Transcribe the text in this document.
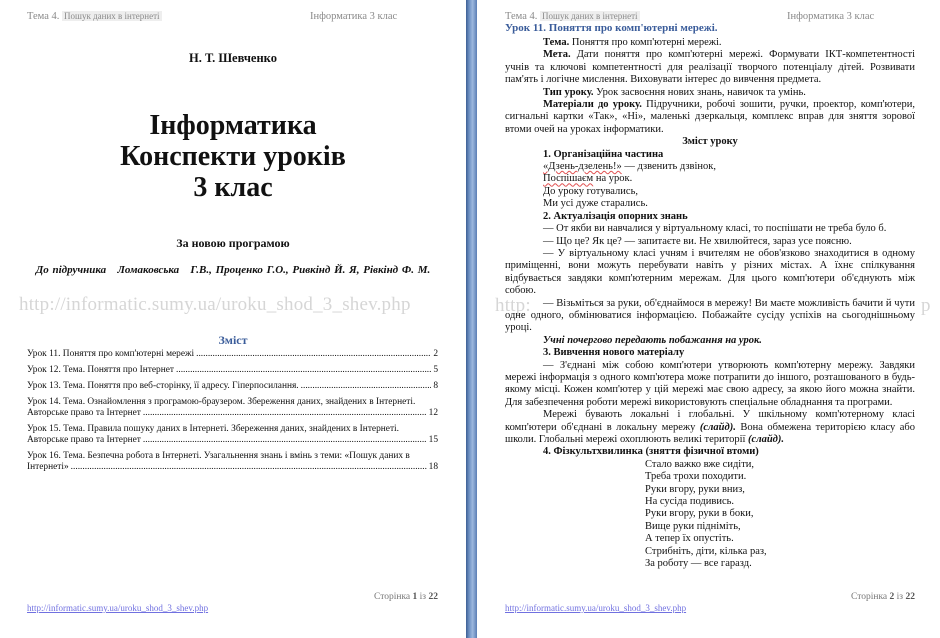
Тема 4. Пошук даних в інтернеті	Інформатика 3 клас
Н. Т. Шевченко
Інформатика
Конспекти уроків
3 клас
За новою програмою
До підручника   Ломаковська   Г.В., Проценко Г.О., Ривкінд Й. Я, Рівкінд Ф. М.
http://informatic.sumy.ua/uroku_shod_3_shev.php
Зміст
Урок 11. Поняття про комп'ютерні мережі .....	2
Урок 12. Тема. Поняття про Інтернет .....	5
Урок 13. Тема. Поняття про веб-сторінку, її адресу. Гіперпосилання. .....	8
Урок 14. Тема. Ознайомлення з програмою-браузером. Збереження даних, знайдених в Інтернеті. Авторське право та Інтернет .....	12
Урок 15. Тема. Правила пошуку даних в Інтернеті. Збереження даних, знайдених в Інтернеті. Авторське право та Інтернет .....	15
Урок 16. Тема. Безпечна робота в Інтернеті. Узагальнення знань і вмінь з теми: «Пошук даних в Інтернеті» .....	18
Сторінка 1 із 22
http://informatic.sumy.ua/uroku_shod_3_shev.php
Тема 4. Пошук даних в інтернеті	Інформатика 3 клас
Урок 11. Поняття про комп'ютерні мережі.
http:	p

Тема. Поняття про комп'ютерні мережі.

Мета. Дати поняття про комп'ютерні мережі. Формувати ІКТ-компетентності учнів та ключові компетентності для реалізації творчого потенціалу дітей. Розвивати пам'ять і логічне мислення. Виховувати інтерес до вивчення предмета.

Тип уроку. Урок засвоєння нових знань, навичок та умінь.

Матеріали до уроку. Підручники, робочі зошити, ручки, проектор, комп'ютери, сигнальні картки «Так», «Ні», маленькі дзеркальця, комплекс вправ для зняття зорової втоми очей на уроках інформатики.

Зміст уроку

1. Організаційна частина

«Дзень-дзелень!» — дзвенить дзвінок,

Поспішаєм на урок.

До уроку готувались,

Ми усі дуже старались.

2. Актуалізація опорних знань

— От якби ви навчалися у віртуальному класі, то поспішати не треба було б.

— Що це? Як це? — запитаєте ви. Не хвилюйтеся, зараз усе поясню.

— У віртуальному класі учням і вчителям не обов'язково знаходитися в одному приміщенні, вони можуть перебувати навіть у різних містах. А їхнє спілкування відбувається завдяки комп'ютерним мережам. Для цього комп'ютери об'єднують між собою.

— Візьміться за руки, об'єднаймося в мережу! Ви маєте можливість бачити й чути одне одного, обмінюватися інформацією. Побажайте сусіду успіхів на сьогоднішньому уроці.

Учні почергово передають побажання на урок.

3. Вивчення нового матеріалу

— З'єднані між собою комп'ютери утворюють комп'ютерну мережу. Завдяки мережі інформація з одного комп'ютера може потрапити до іншого, розташованого в будь-якому місці. Кожен комп'ютер у цій мережі має свою адресу, за якою його можна знайти. Для забезпечення роботи мережі використовують спеціальне обладнання та програми.

Мережі бувають локальні і глобальні. У шкільному комп'ютерному класі комп'ютери об'єднані в локальну мережу (слайд). Вона обмежена територією класу або школи. Глобальні мережі охоплюють великі території (слайд).

4. Фізкультхвилинка (зняття фізичної втоми)

Стало важко вже сидіти,
Треба трохи походити.
Руки вгору, руки вниз,
На сусіда подивись.
Руки вгору, руки в боки,
Вище руки підніміть,
А тепер їх опустіть.
Стрибніть, діти, кілька раз,
За роботу — все гаразд.
Сторінка 2 із 22
http://informatic.sumy.ua/uroku_shod_3_shev.php
